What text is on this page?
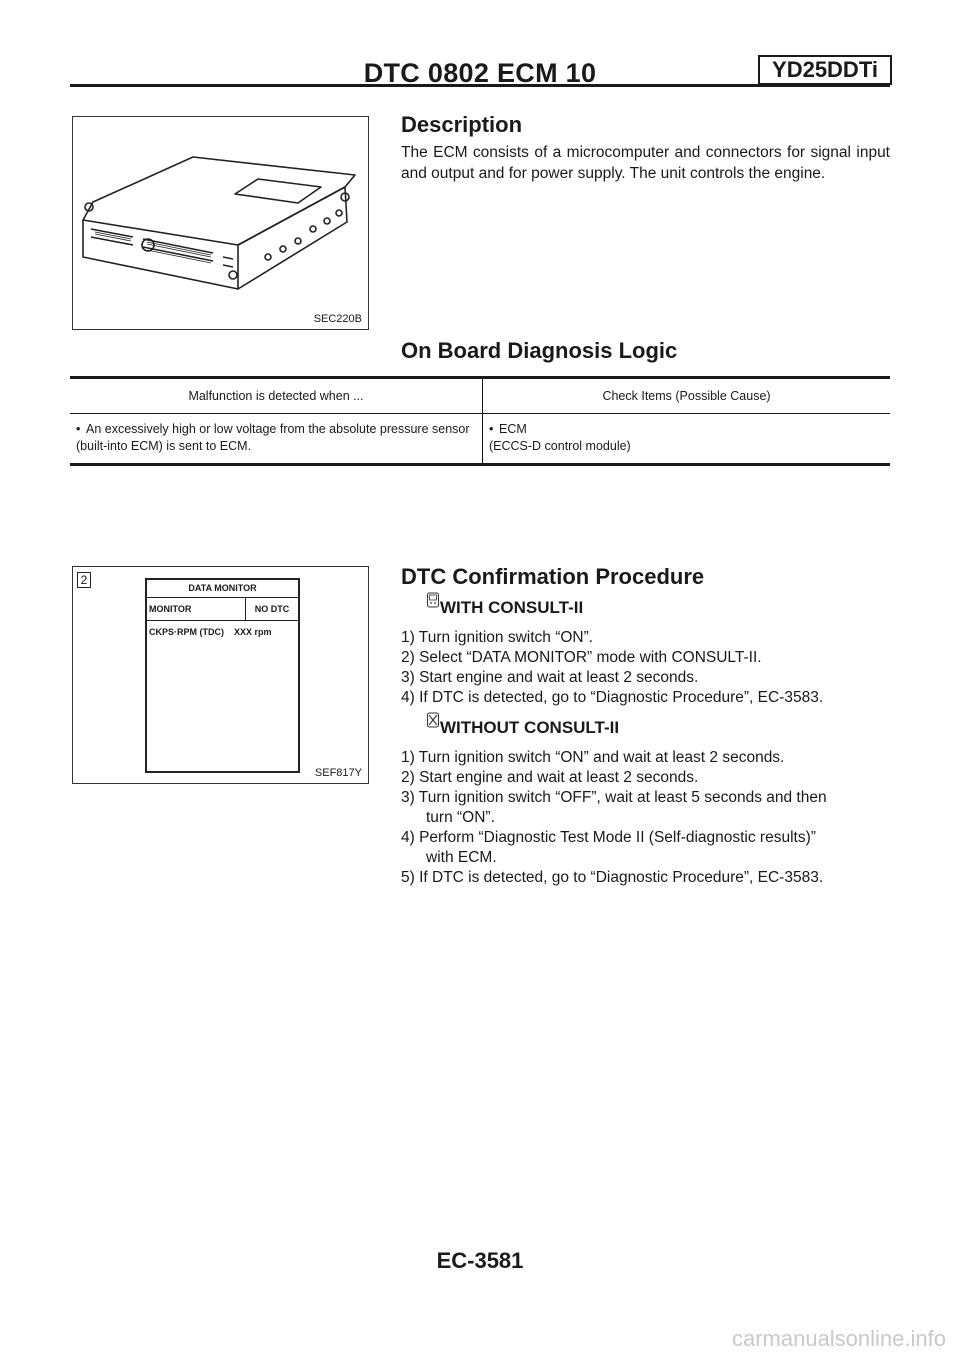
DTC 0802 ECM 10	YD25DDTi
SEC220B
Description
The ECM consists of a microcomputer and connectors for signal input and output and for power supply. The unit controls the engine.
On Board Diagnosis Logic
Malfunction is detected when ...	Check Items (Possible Cause)
• An excessively high or low voltage from the absolute pressure sensor (built-into ECM) is sent to ECM.	• ECM
(ECCS-D control module)
2
SEF817Y
DATA MONITOR
MONITOR	NO DTC
CKPS·RPM (TDC) XXX rpm
DTC Confirmation Procedure
WITH CONSULT-II
1) Turn ignition switch “ON”.
2) Select “DATA MONITOR” mode with CONSULT-II.
3) Start engine and wait at least 2 seconds.
4) If DTC is detected, go to “Diagnostic Procedure”, EC-3583.
WITHOUT CONSULT-II
1) Turn ignition switch “ON” and wait at least 2 seconds.
2) Start engine and wait at least 2 seconds.
3) Turn ignition switch “OFF”, wait at least 5 seconds and then
turn “ON”.
4) Perform “Diagnostic Test Mode II (Self-diagnostic results)”
with ECM.
5) If DTC is detected, go to “Diagnostic Procedure”, EC-3583.
EC-3581
carmanualsonline.info
